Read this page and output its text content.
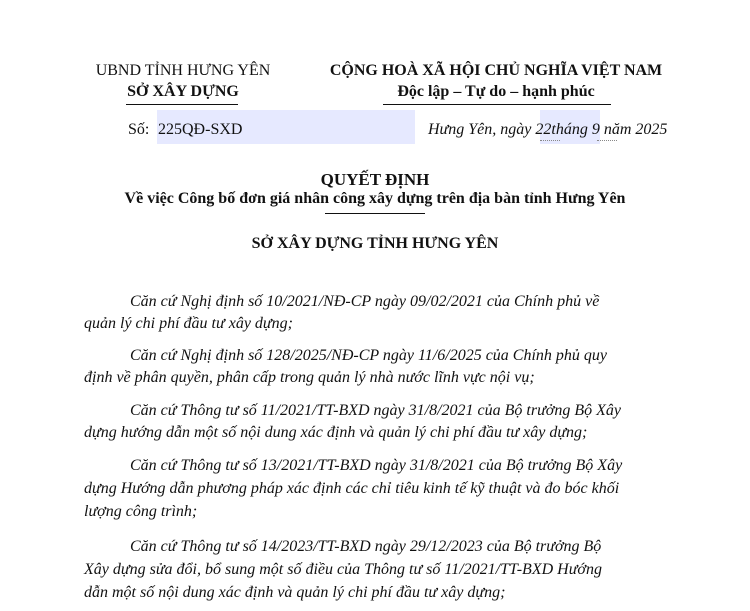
UBND TỈNH HƯNG YÊN
SỞ XÂY DỰNG
CỘNG HOÀ XÃ HỘI CHỦ NGHĨA VIỆT NAM
Độc lập – Tự do – hạnh phúc
Số: 225QĐ-SXD	Hưng Yên, ngày 22tháng 9 năm 2025
QUYẾT ĐỊNH
Về việc Công bố đơn giá nhân công xây dựng trên địa bàn tỉnh Hưng Yên
SỞ XÂY DỰNG TỈNH HƯNG YÊN
Căn cứ Nghị định số 10/2021/NĐ-CP ngày 09/02/2021 của Chính phủ về
quản lý chi phí đầu tư xây dựng;
Căn cứ Nghị định số 128/2025/NĐ-CP ngày 11/6/2025 của Chính phủ quy
định về phân quyền, phân cấp trong quản lý nhà nước lĩnh vực nội vụ;
Căn cứ Thông tư số 11/2021/TT-BXD ngày 31/8/2021 của Bộ trưởng Bộ Xây
dựng hướng dẫn một số nội dung xác định và quản lý chi phí đầu tư xây dựng;
Căn cứ Thông tư số 13/2021/TT-BXD ngày 31/8/2021 của Bộ trưởng Bộ Xây
dựng Hướng dẫn phương pháp xác định các chỉ tiêu kinh tế kỹ thuật và đo bóc khối
lượng công trình;
Căn cứ Thông tư số 14/2023/TT-BXD ngày 29/12/2023 của Bộ trưởng Bộ
Xây dựng sửa đổi, bổ sung một số điều của Thông tư số 11/2021/TT-BXD Hướng
dẫn một số nội dung xác định và quản lý chi phí đầu tư xây dựng;
